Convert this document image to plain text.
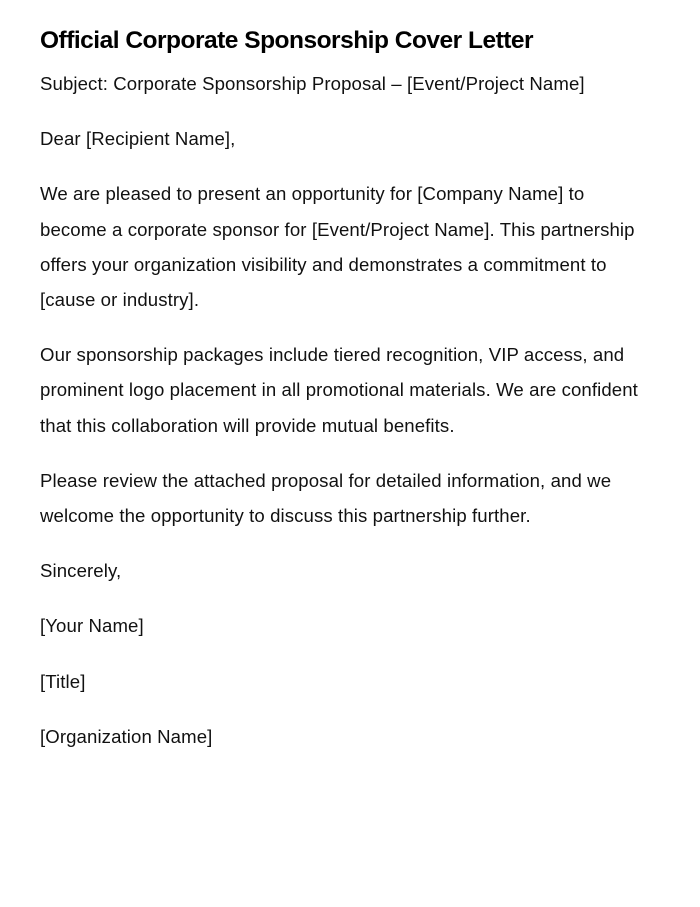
Official Corporate Sponsorship Cover Letter

Subject: Corporate Sponsorship Proposal – [Event/Project Name]

Dear [Recipient Name],

We are pleased to present an opportunity for [Company Name] to become a corporate sponsor for [Event/Project Name]. This partnership offers your organization visibility and demonstrates a commitment to [cause or industry].

Our sponsorship packages include tiered recognition, VIP access, and prominent logo placement in all promotional materials. We are confident that this collaboration will provide mutual benefits.

Please review the attached proposal for detailed information, and we welcome the opportunity to discuss this partnership further.

Sincerely,

[Your Name]

[Title]

[Organization Name]
